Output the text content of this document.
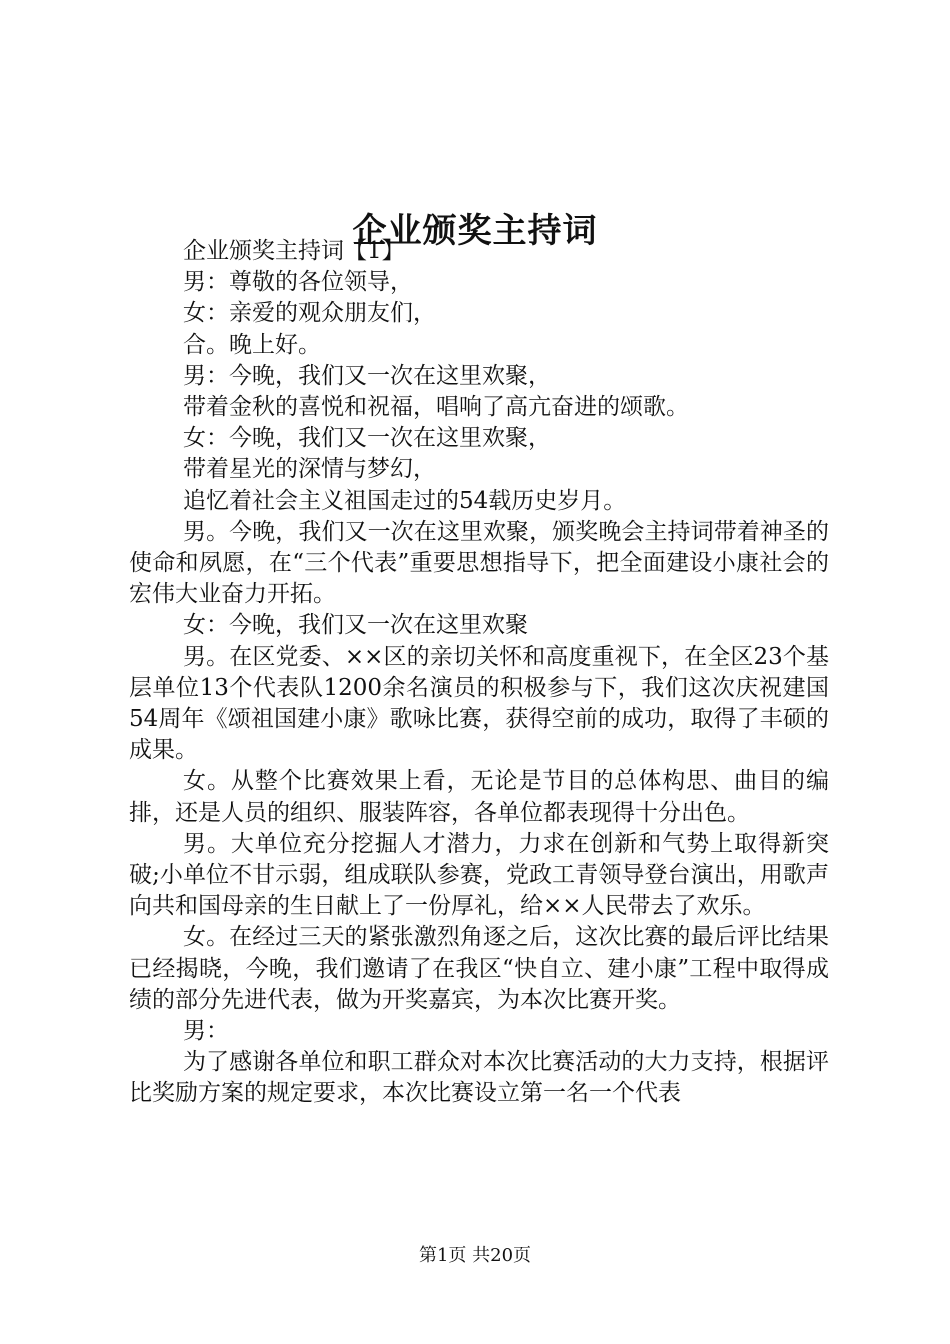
企业颁奖主持词

企业颁奖主持词【1】

男：尊敬的各位领导，

女：亲爱的观众朋友们，

合。晚上好。

男：今晚，我们又一次在这里欢聚，

带着金秋的喜悦和祝福，唱响了高亢奋进的颂歌。

女：今晚，我们又一次在这里欢聚，

带着星光的深情与梦幻，

追忆着社会主义祖国走过的54载历史岁月。

男。今晚，我们又一次在这里欢聚，颁奖晚会主持词带着神圣的使命和夙愿，在“三个代表”重要思想指导下，把全面建设小康社会的宏伟大业奋力开拓。

女：今晚，我们又一次在这里欢聚

男。在区党委、××区的亲切关怀和高度重视下，在全区23个基层单位13个代表队1200余名演员的积极参与下，我们这次庆祝建国54周年《颂祖国建小康》歌咏比赛，获得空前的成功，取得了丰硕的成果。

女。从整个比赛效果上看，无论是节目的总体构思、曲目的编排，还是人员的组织、服装阵容，各单位都表现得十分出色。

男。大单位充分挖掘人才潜力，力求在创新和气势上取得新突破;小单位不甘示弱，组成联队参赛，党政工青领导登台演出，用歌声向共和国母亲的生日献上了一份厚礼，给××人民带去了欢乐。

女。在经过三天的紧张激烈角逐之后，这次比赛的最后评比结果已经揭晓，今晚，我们邀请了在我区“快自立、建小康”工程中取得成绩的部分先进代表，做为开奖嘉宾，为本次比赛开奖。

男：

为了感谢各单位和职工群众对本次比赛活动的大力支持，根据评比奖励方案的规定要求，本次比赛设立第一名一个代表

第1页 共20页
